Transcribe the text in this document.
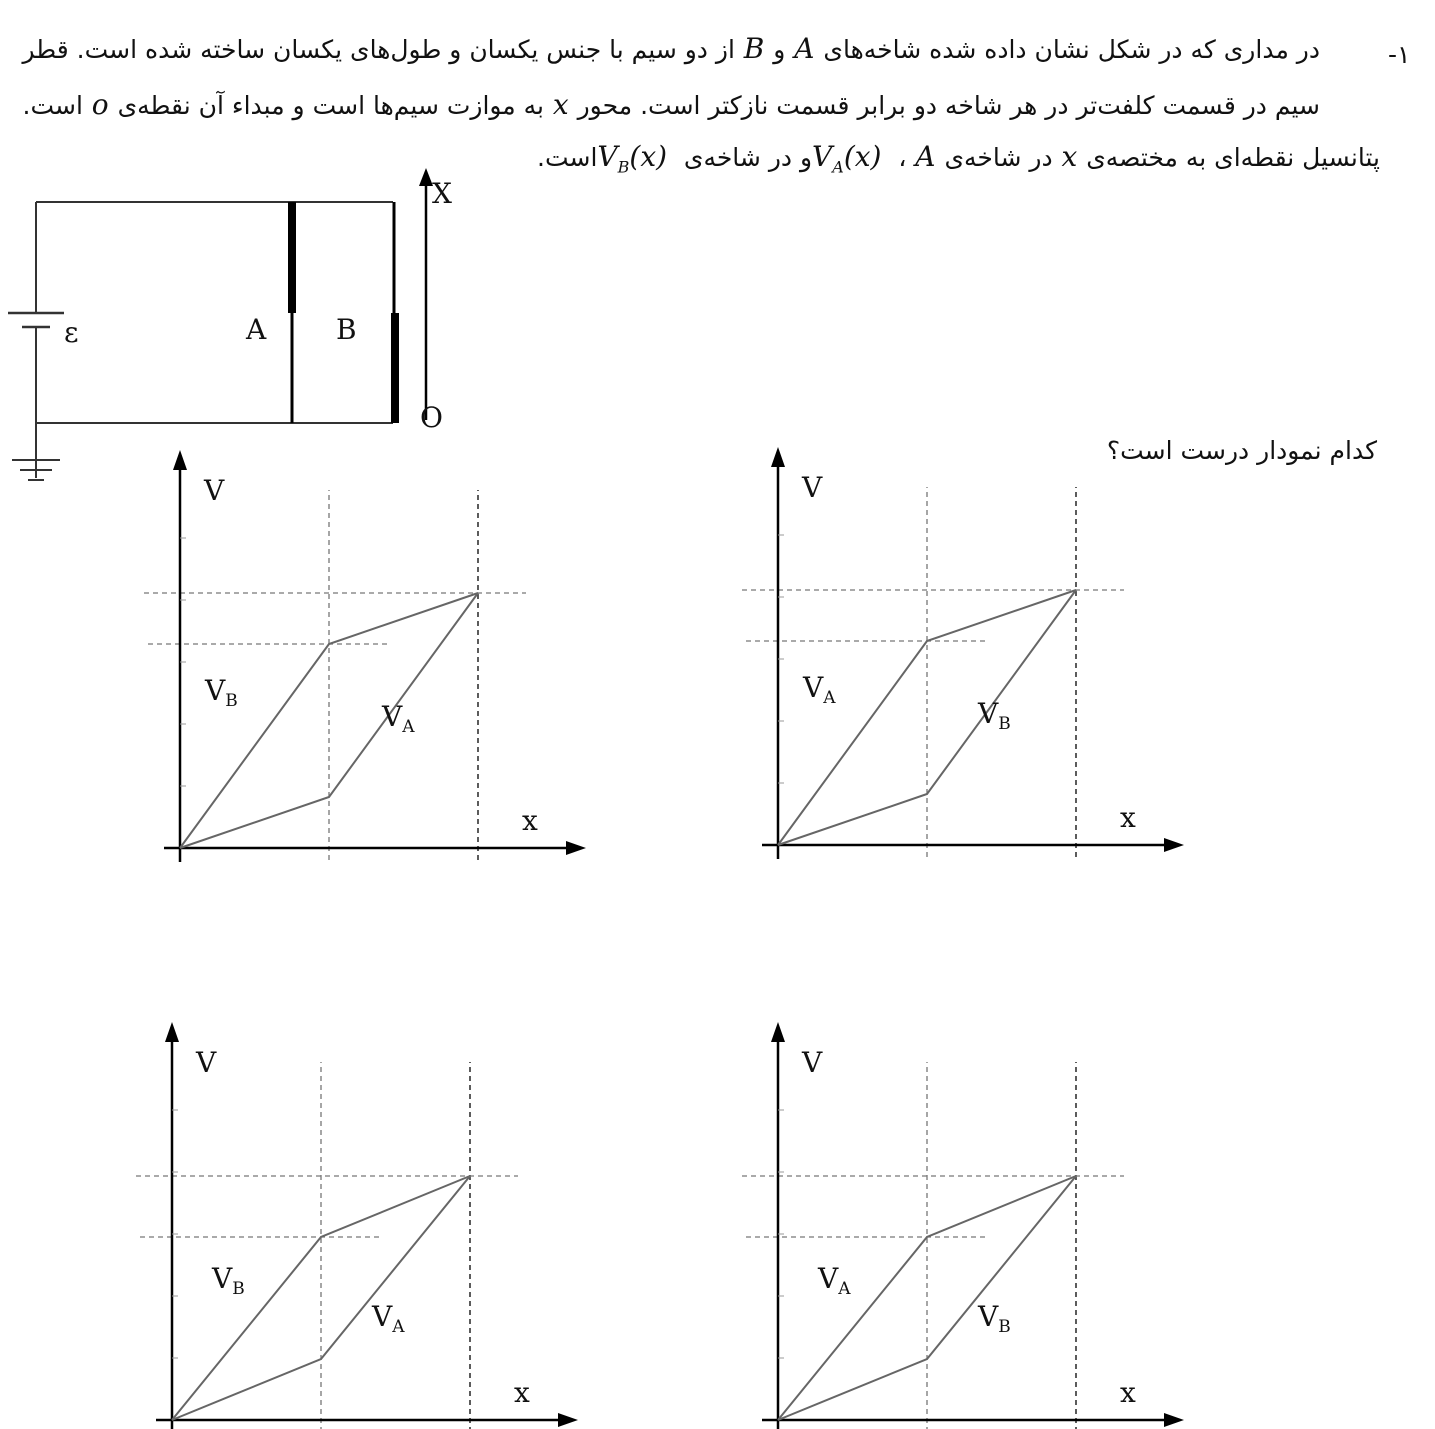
-۱
در مداری که در شکل نشان داده شده شاخه‌های A و B از دو سیم با جنس یکسان و طول‌های یکسان ساخته شده است. قطر
سیم در قسمت کلفت‌تر در هر شاخه دو برابر قسمت نازکتر است. محور x به موازت سیم‌ها است و مبداء آن نقطه‌ی o است.
پتانسیل نقطه‌ای به مختصه‌ی x در شاخه‌ی A ، $V_A(x)$ و در شاخه‌ی $V_B(x)$ است.
کدام نمودار درست است؟
ε	A B
X
O
$V_B$	$V_A$
V
x
$V_A$	$V_B$
V
x
$V_B$
$V_A$
V
x
$V_A$
$V_B$
V
x
